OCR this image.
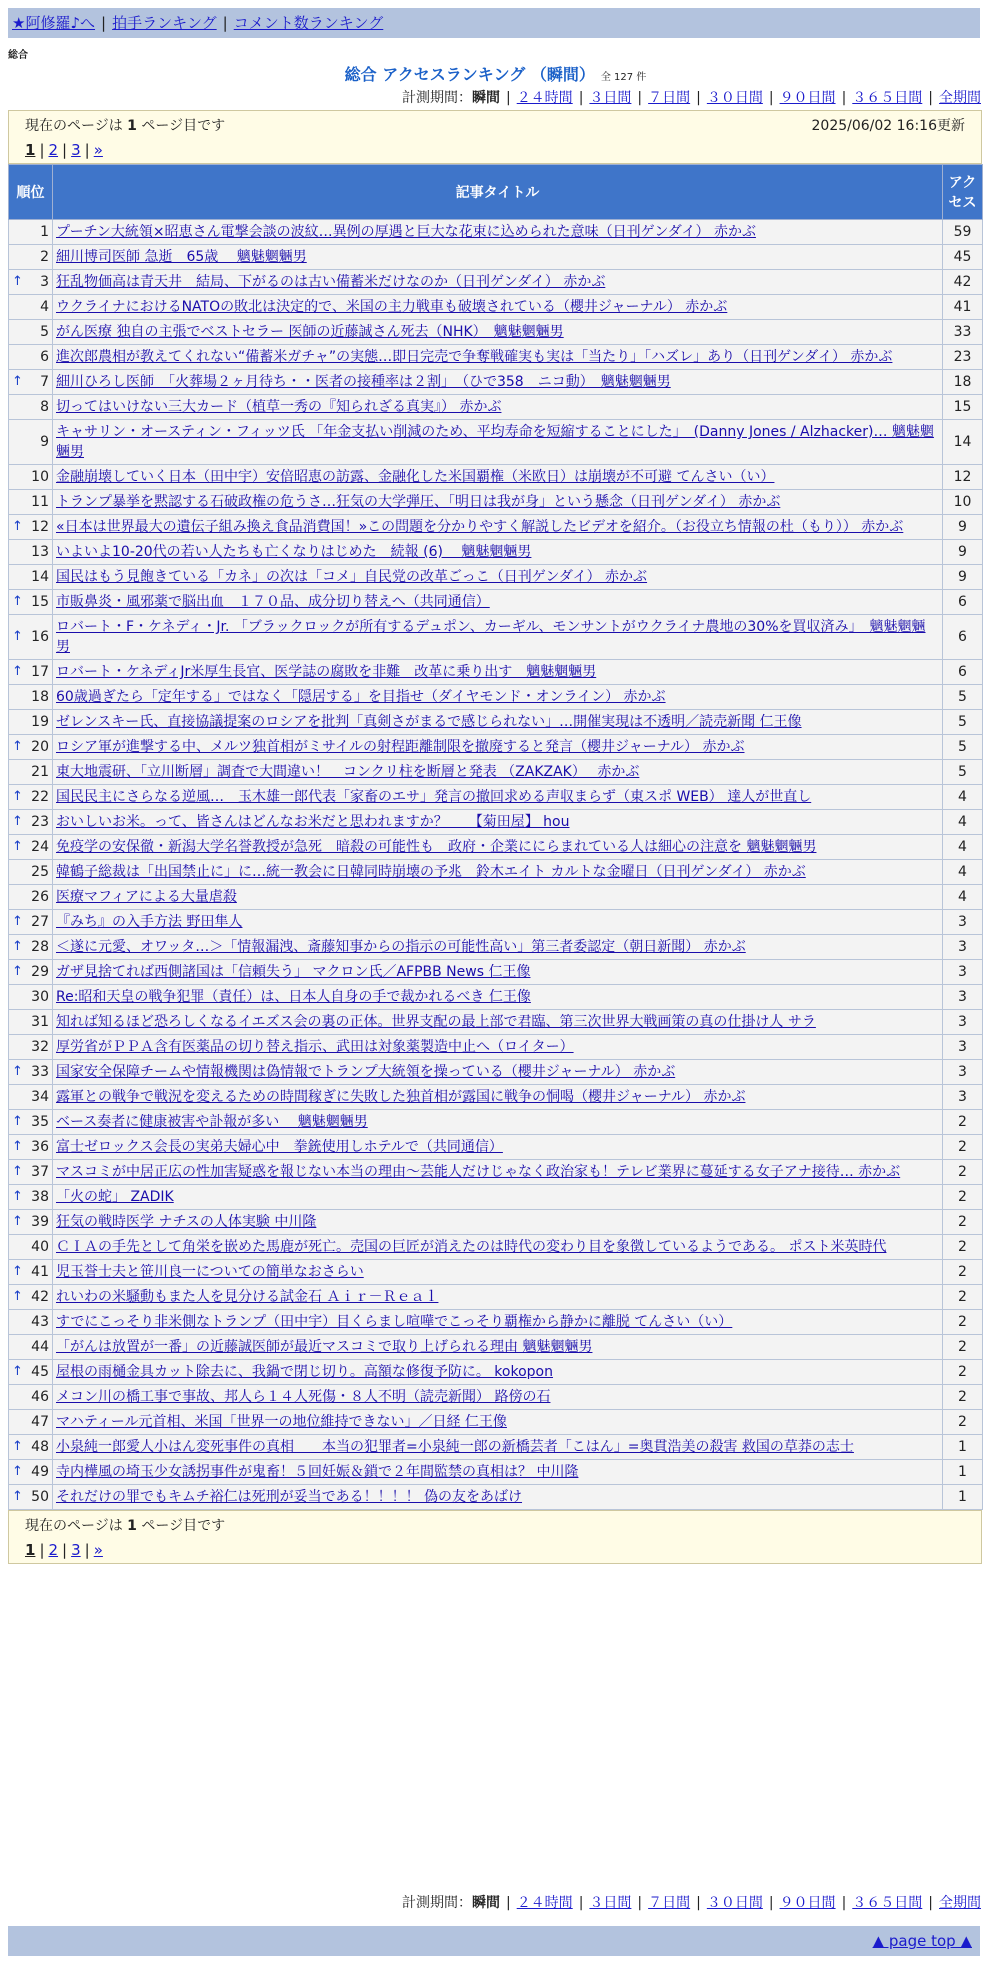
★阿修羅♪へ | 拍手ランキング | コメント数ランキング
総合
総合 アクセスランキング （瞬間） 全 127 件
計測期間：瞬間 | ２４時間 | ３日間 | ７日間 | ３０日間 | ９０日間 | ３６５日間 | 全期間
現在のページは 1 ページ目です	2025/06/02 16:16更新
1 | 2 | 3 | »
順位	記事タイトル	アクセス
1	プーチン大統領×昭恵さん電撃会談の波紋…異例の厚遇と巨大な花束に込められた意味（日刊ゲンダイ） 赤かぶ	59
2	細川博司医師 急逝　65歳　 魑魅魍魎男	45

↑ 3	狂乱物価高は青天井　結局、下がるのは古い備蓄米だけなのか（日刊ゲンダイ） 赤かぶ	42
4	ウクライナにおけるNATOの敗北は決定的で、米国の主力戦車も破壊されている（櫻井ジャーナル） 赤かぶ	41
5	がん医療 独自の主張でベストセラー 医師の近藤誠さん死去（NHK）　魑魅魍魎男	33
6	進次郎農相が教えてくれない“備蓄米ガチャ”の実態…即日完売で争奪戦確実も実は「当たり」「ハズレ」あり（日刊ゲンダイ） 赤かぶ	23

↑ 7	細川ひろし医師　「火葬場２ヶ月待ち・・医者の接種率は２割」　（ひで358　ニコ動）　魑魅魍魎男	18
8	切ってはいけない三大カード（植草一秀の『知られざる真実』） 赤かぶ	15
9	キャサリン・オースティン・フィッツ氏 「年金支払い削減のため、平均寿命を短縮することにした」　(Danny Jones / Alzhacker)… 魑魅魍魎男	14
10	金融崩壊していく日本（田中宇）安倍昭恵の訪露、金融化した米国覇権（米欧日）は崩壊が不可避 てんさい（い）	12
11	トランプ暴挙を黙認する石破政権の危うさ…狂気の大学弾圧、「明日は我が身」という懸念（日刊ゲンダイ） 赤かぶ	10

↑ 12	«日本は世界最大の遺伝子組み換え食品消費国！»この問題を分かりやすく解説したビデオを紹介。（お役立ち情報の杜（もり）） 赤かぶ	9
13	いよいよ10-20代の若い人たちも亡くなりはじめた　続報 (6)　 魑魅魍魎男	9
14	国民はもう見飽きている「カネ」の次は「コメ」自民党の改革ごっこ（日刊ゲンダイ） 赤かぶ	9

↑ 15	市販鼻炎・風邪薬で脳出血　１７０品、成分切り替えへ（共同通信）	6

↑ 16	ロバート・F・ケネディ・Jr. 「ブラックロックが所有するデュポン、カーギル、モンサントがウクライナ農地の30%を買収済み」　魑魅魍魎男	6

↑ 17	ロバート・ケネディJr米厚生長官、医学誌の腐敗を非難　改革に乗り出す　魑魅魍魎男	6
18	60歳過ぎたら「定年する」ではなく「隠居する」を目指せ（ダイヤモンド・オンライン） 赤かぶ	5
19	ゼレンスキー氏、直接協議提案のロシアを批判「真剣さがまるで感じられない」…開催実現は不透明／読売新聞 仁王像	5

↑ 20	ロシア軍が進撃する中、メルツ独首相がミサイルの射程距離制限を撤廃すると発言（櫻井ジャーナル） 赤かぶ	5
21	東大地震研、「立川断層」調査で大間違い！　コンクリ柱を断層と発表 （ZAKZAK）　 赤かぶ	5

↑ 22	国民民主にさらなる逆風…　玉木雄一郎代表「家畜のエサ」発言の撤回求める声収まらず（東スポ WEB） 達人が世直し	4

↑ 23	おいしいお米。って、皆さんはどんなお米だと思われますか？　　【菊田屋】 hou	4

↑ 24	免疫学の安保徹・新潟大学名誉教授が急死　暗殺の可能性も　政府・企業ににらまれている人は細心の注意を 魑魅魍魎男	4
25	韓鶴子総裁は「出国禁止に」に…統一教会に日韓同時崩壊の予兆　鈴木エイト カルトな金曜日（日刊ゲンダイ） 赤かぶ	4
26	医療マフィアによる大量虐殺	4

↑ 27	『みち』の入手方法 野田隼人	3

↑ 28	＜遂に元愛、オワッタ…＞「情報漏洩、斎藤知事からの指示の可能性高い」第三者委認定（朝日新聞） 赤かぶ	3

↑ 29	ガザ見捨てれば西側諸国は「信頼失う」 マクロン氏／AFPBB News 仁王像	3
30	Re:昭和天皇の戦争犯罪（責任）は、日本人自身の手で裁かれるべき 仁王像	3
31	知れば知るほど恐ろしくなるイエズス会の裏の正体。世界支配の最上部で君臨、第三次世界大戦画策の真の仕掛け人 サラ	3
32	厚労省がＰＰＡ含有医薬品の切り替え指示、武田は対象薬製造中止へ（ロイター）	3

↑ 33	国家安全保障チームや情報機関は偽情報でトランプ大統領を操っている（櫻井ジャーナル） 赤かぶ	3
34	露軍との戦争で戦況を変えるための時間稼ぎに失敗した独首相が露国に戦争の恫喝（櫻井ジャーナル） 赤かぶ	3

↑ 35	ベース奏者に健康被害や訃報が多い　 魑魅魍魎男	2

↑ 36	富士ゼロックス会長の実弟夫婦心中　拳銃使用しホテルで（共同通信）	2

↑ 37	マスコミが中居正広の性加害疑惑を報じない本当の理由〜芸能人だけじゃなく政治家も！テレビ業界に蔓延する女子アナ接待… 赤かぶ	2

↑ 38	「火の蛇」 ZADIK	2

↑ 39	狂気の戦時医学 ナチスの人体実験 中川隆	2
40	ＣＩＡの手先として角栄を嵌めた馬鹿が死亡。売国の巨匠が消えたのは時代の変わり目を象徴しているようである。 ポスト米英時代	2

↑ 41	児玉誉士夫と笹川良一についての簡単なおさらい	2

↑ 42	れいわの米騒動もまた人を見分ける試金石 Ａｉｒ－Ｒｅａｌ	2
43	すでにこっそり非米側なトランプ（田中宇）目くらまし喧嘩でこっそり覇権から静かに離脱 てんさい（い）	2
44	「がんは放置が一番」の近藤誠医師が最近マスコミで取り上げられる理由 魑魅魍魎男	2

↑ 45	屋根の雨樋金具カット除去に、我鍋で閉じ切り。高額な修復予防に。 kokopon	2
46	メコン川の橋工事で事故、邦人ら１４人死傷・８人不明（読売新聞） 路傍の石	2
47	マハティール元首相、米国「世界一の地位維持できない」／日経 仁王像	2

↑ 48	小泉純一郎愛人小はん変死事件の真相　　本当の犯罪者=小泉純一郎の新橋芸者「こはん」=奥貫浩美の殺害 救国の草莽の志士	1

↑ 49	寺内樺風の埼玉少女誘拐事件が鬼畜！５回妊娠＆鎖で２年間監禁の真相は？ 中川隆	1

↑ 50	それだけの罪でもキムチ裕仁は死刑が妥当である！！！！ 偽の友をあばけ	1
現在のページは 1 ページ目です
1 | 2 | 3 | »
計測期間：瞬間 | ２４時間 | ３日間 | ７日間 | ３０日間 | ９０日間 | ３６５日間 | 全期間
▲ page top ▲
